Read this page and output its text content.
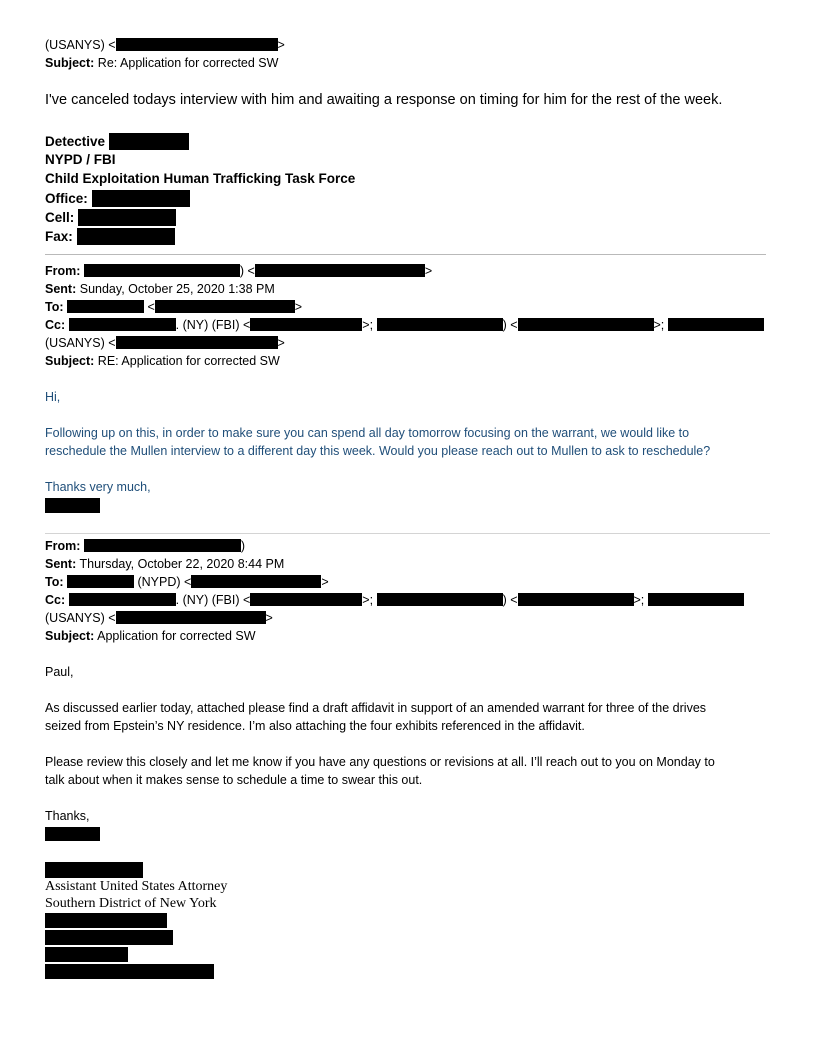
(USANYS) <	>
Subject: Re: Application for corrected SW
I've canceled todays interview with him and awaiting a response on timing for him for the rest of the week.
Detective
NYPD / FBI
Child Exploitation Human Trafficking Task Force
Office:
Cell:
Fax:
From:	) <	>
Sent: Sunday, October 25, 2020 1:38 PM
To:	<	>
Cc:	. (NY) (FBI) <	>;	) <	>;
(USANYS) <	>
Subject: RE: Application for corrected SW
Hi,
Following up on this, in order to make sure you can spend all day tomorrow focusing on the warrant, we would like to
reschedule the Mullen interview to a different day this week. Would you please reach out to Mullen to ask to reschedule?
Thanks very much,
From:	)
Sent: Thursday, October 22, 2020 8:44 PM
To:	(NYPD) <	>
Cc:	. (NY) (FBI) <	>;	) <	>;
(USANYS) <	>
Subject: Application for corrected SW
Paul,
As discussed earlier today, attached please find a draft affidavit in support of an amended warrant for three of the drives
seized from Epstein’s NY residence. I’m also attaching the four exhibits referenced in the affidavit.
Please review this closely and let me know if you have any questions or revisions at all. I’ll reach out to you on Monday to
talk about when it makes sense to schedule a time to swear this out.
Thanks,
Assistant United States Attorney
Southern District of New York
